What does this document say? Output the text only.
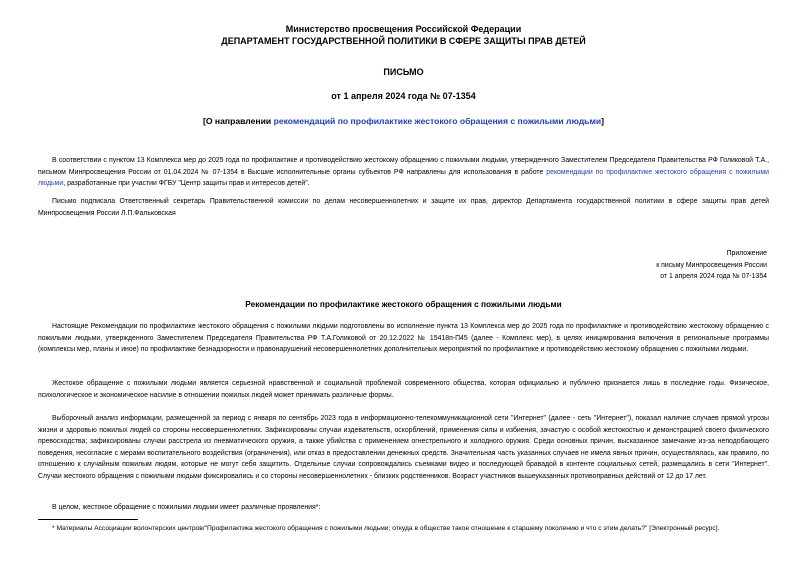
Министерство просвещения Российской Федерации
ДЕПАРТАМЕНТ ГОСУДАРСТВЕННОЙ ПОЛИТИКИ В СФЕРЕ ЗАЩИТЫ ПРАВ ДЕТЕЙ
ПИСЬМО
от 1 апреля 2024 года № 07-1354
[О направлении рекомендаций по профилактике жестокого обращения с пожилыми людьми]
В соответствии с пунктом 13 Комплекса мер до 2025 года по профилактике и противодействию жестокому обращению с пожилыми людьми, утвержденного Заместителем Председателя Правительства РФ Голиковой Т.А., письмом Минпросвещения России от 01.04.2024 № 07-1354 в Высшие исполнительные органы субъектов РФ направлены для использования в работе рекомендации по профилактике жестокого обращения с пожилыми людьми, разработанные при участии ФГБУ "Центр защиты прав и интересов детей".
Письмо подписала Ответственный секретарь Правительственной комиссии по делам несовершеннолетних и защите их прав, директор Департамента государственной политики в сфере защиты прав детей Минпросвещения России Л.П.Фальковская
Приложение
к письму Минпросвещения России
от 1 апреля 2024 года № 07-1354
Рекомендации по профилактике жестокого обращения с пожилыми людьми
Настоящие Рекомендации по профилактике жестокого обращения с пожилыми людьми подготовлены во исполнение пункта 13 Комплекса мер до 2025 года по профилактике и противодействию жестокому обращению с пожилыми людьми, утвержденного Заместителем Председателя Правительства РФ Т.А.Голиковой от 20.12.2022 № 15418п-П45 (далее - Комплекс мер), в целях инициирования включения в региональные программы (комплексы мер, планы и иное) по профилактике безнадзорности и правонарушений несовершеннолетних дополнительных мероприятий по профилактике и противодействию жестокому обращению с пожилыми людьми.
Жестокое обращение с пожилыми людьми является серьезной нравственной и социальной проблемой современного общества, которая официально и публично признается лишь в последние годы. Физическое, психологическое и экономическое насилие в отношении пожилых людей может принимать различные формы.
Выборочный анализ информации, размещенной за период с января по сентябрь 2023 года в информационно-телекоммуникационной сети "Интернет" (далее - сеть "Интернет"), показал наличие случаев прямой угрозы жизни и здоровью пожилых людей со стороны несовершеннолетних. Зафиксированы случаи издевательств, оскорблений, применения силы и избиения, зачастую с особой жестокостью и демонстрацией своего физического превосходства; зафиксированы случаи расстрела из пневматического оружия, а также убийства с применением огнестрельного и холодного оружия. Среди основных причин, высказанное замечание из-за неподобающего поведения, несогласие с мерами воспитательного воздействия (ограничения), или отказ в предоставлении денежных средств. Значительная часть указанных случаев не имела явных причин, осуществлялась, как правило, по отношению к случайным пожилым людям, которые не могут себя защитить. Отдельные случаи сопровождались съемками видео и последующей бравадой в контенте социальных сетей, размещались в сети "Интернет". Случаи жестокого обращения с пожилыми людьми фиксировались и со стороны несовершеннолетних - близких родственников. Возраст участников вышеуказанных противоправных действий от 12 до 17 лет.
В целом, жестокое обращение с пожилыми людьми имеет различные проявления*:
* Материалы Ассоциации волонтерских центров/"Профилактика жестокого обращения с пожилыми людьми; откуда в обществе такое отношение к старшему поколению и что с этим делать?" [Электронный ресурс].
